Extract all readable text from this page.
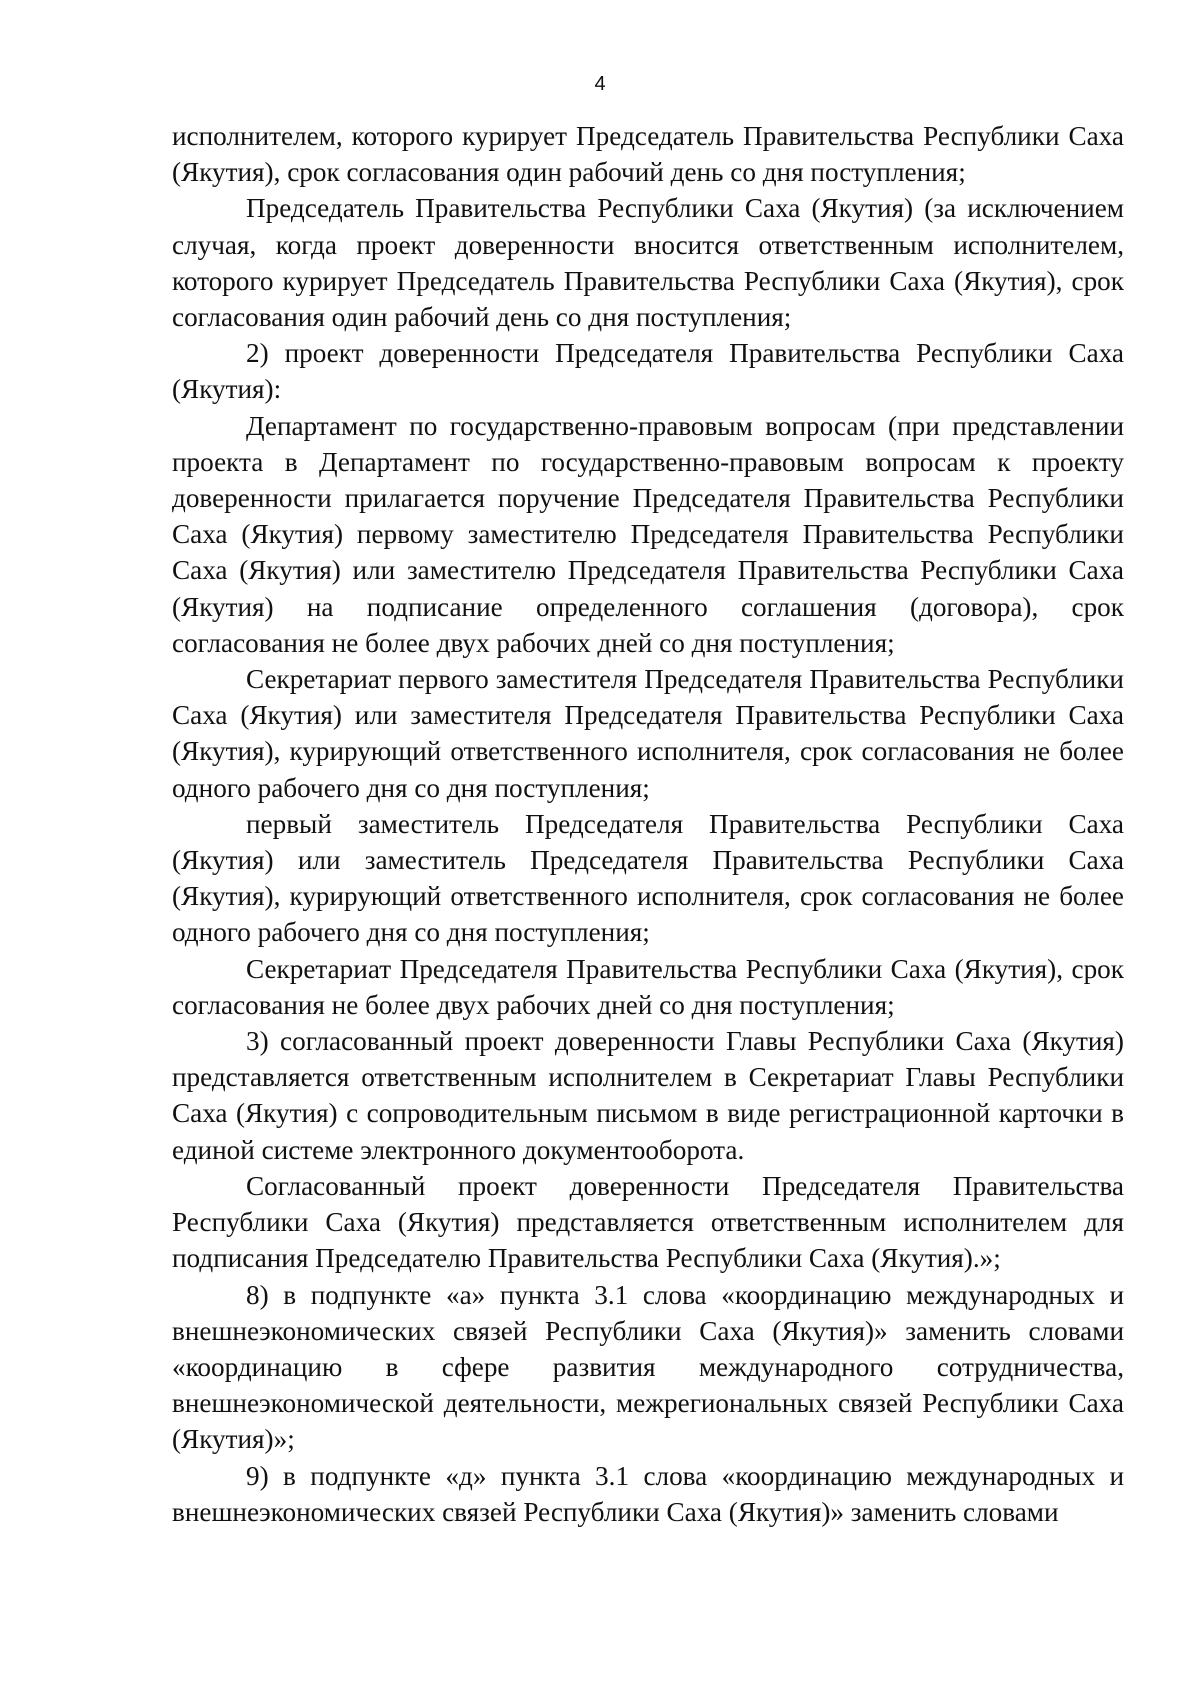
4

исполнителем, которого курирует Председатель Правительства Республики Саха (Якутия), срок согласования один рабочий день со дня поступления;

Председатель Правительства Республики Саха (Якутия) (за исключением случая, когда проект доверенности вносится ответственным исполнителем, которого курирует Председатель Правительства Республики Саха (Якутия), срок согласования один рабочий день со дня поступления;

2) проект доверенности Председателя Правительства Республики Саха (Якутия):

Департамент по государственно-правовым вопросам (при представлении проекта в Департамент по государственно-правовым вопросам к проекту доверенности прилагается поручение Председателя Правительства Республики Саха (Якутия) первому заместителю Председателя Правительства Республики Саха (Якутия) или заместителю Председателя Правительства Республики Саха (Якутия) на подписание определенного соглашения (договора), срок согласования не более двух рабочих дней со дня поступления;

Секретариат первого заместителя Председателя Правительства Республики Саха (Якутия) или заместителя Председателя Правительства Республики Саха (Якутия), курирующий ответственного исполнителя, срок согласования не более одного рабочего дня со дня поступления;

первый заместитель Председателя Правительства Республики Саха (Якутия) или заместитель Председателя Правительства Республики Саха (Якутия), курирующий ответственного исполнителя, срок согласования не более одного рабочего дня со дня поступления;

Секретариат Председателя Правительства Республики Саха (Якутия), срок согласования не более двух рабочих дней со дня поступления;

3) согласованный проект доверенности Главы Республики Саха (Якутия) представляется ответственным исполнителем в Секретариат Главы Республики Саха (Якутия) с сопроводительным письмом в виде регистрационной карточки в единой системе электронного документооборота.

Согласованный проект доверенности Председателя Правительства Республики Саха (Якутия) представляется ответственным исполнителем для подписания Председателю Правительства Республики Саха (Якутия).»;

8) в подпункте «а» пункта 3.1 слова «координацию международных и внешнеэкономических связей Республики Саха (Якутия)» заменить словами «координацию в сфере развития международного сотрудничества, внешнеэкономической деятельности, межрегиональных связей Республики Саха (Якутия)»;

9) в подпункте «д» пункта 3.1 слова «координацию международных и внешнеэкономических связей Республики Саха (Якутия)» заменить словами
